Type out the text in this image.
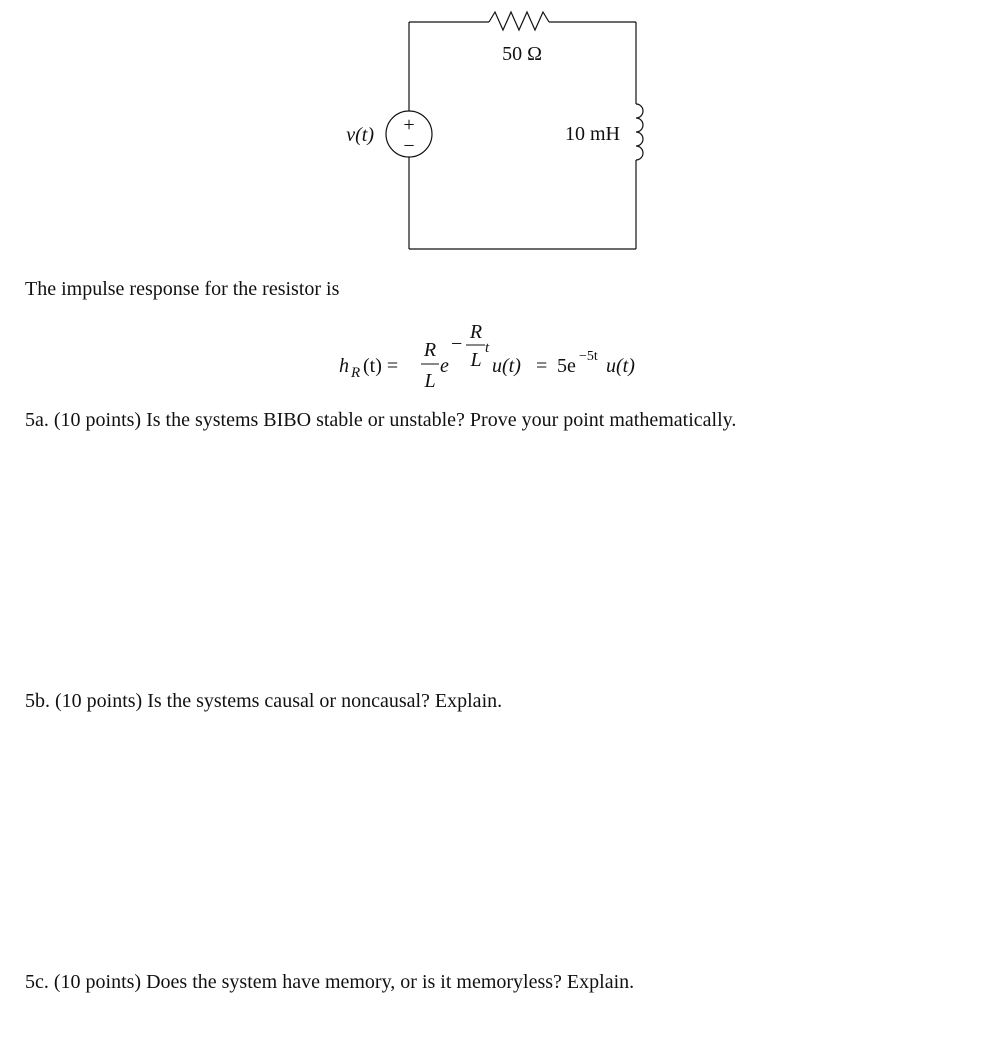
+
−
50 Ω
10 mH
v(t)
The impulse response for the resistor is
h R (t) =
R
L
e
−
R
L
t
u(t) = 5e −5t u(t)
5a. (10 points) Is the systems BIBO stable or unstable? Prove your point mathematically.
5b. (10 points) Is the systems causal or noncausal? Explain.
5c. (10 points) Does the system have memory, or is it memoryless? Explain.
